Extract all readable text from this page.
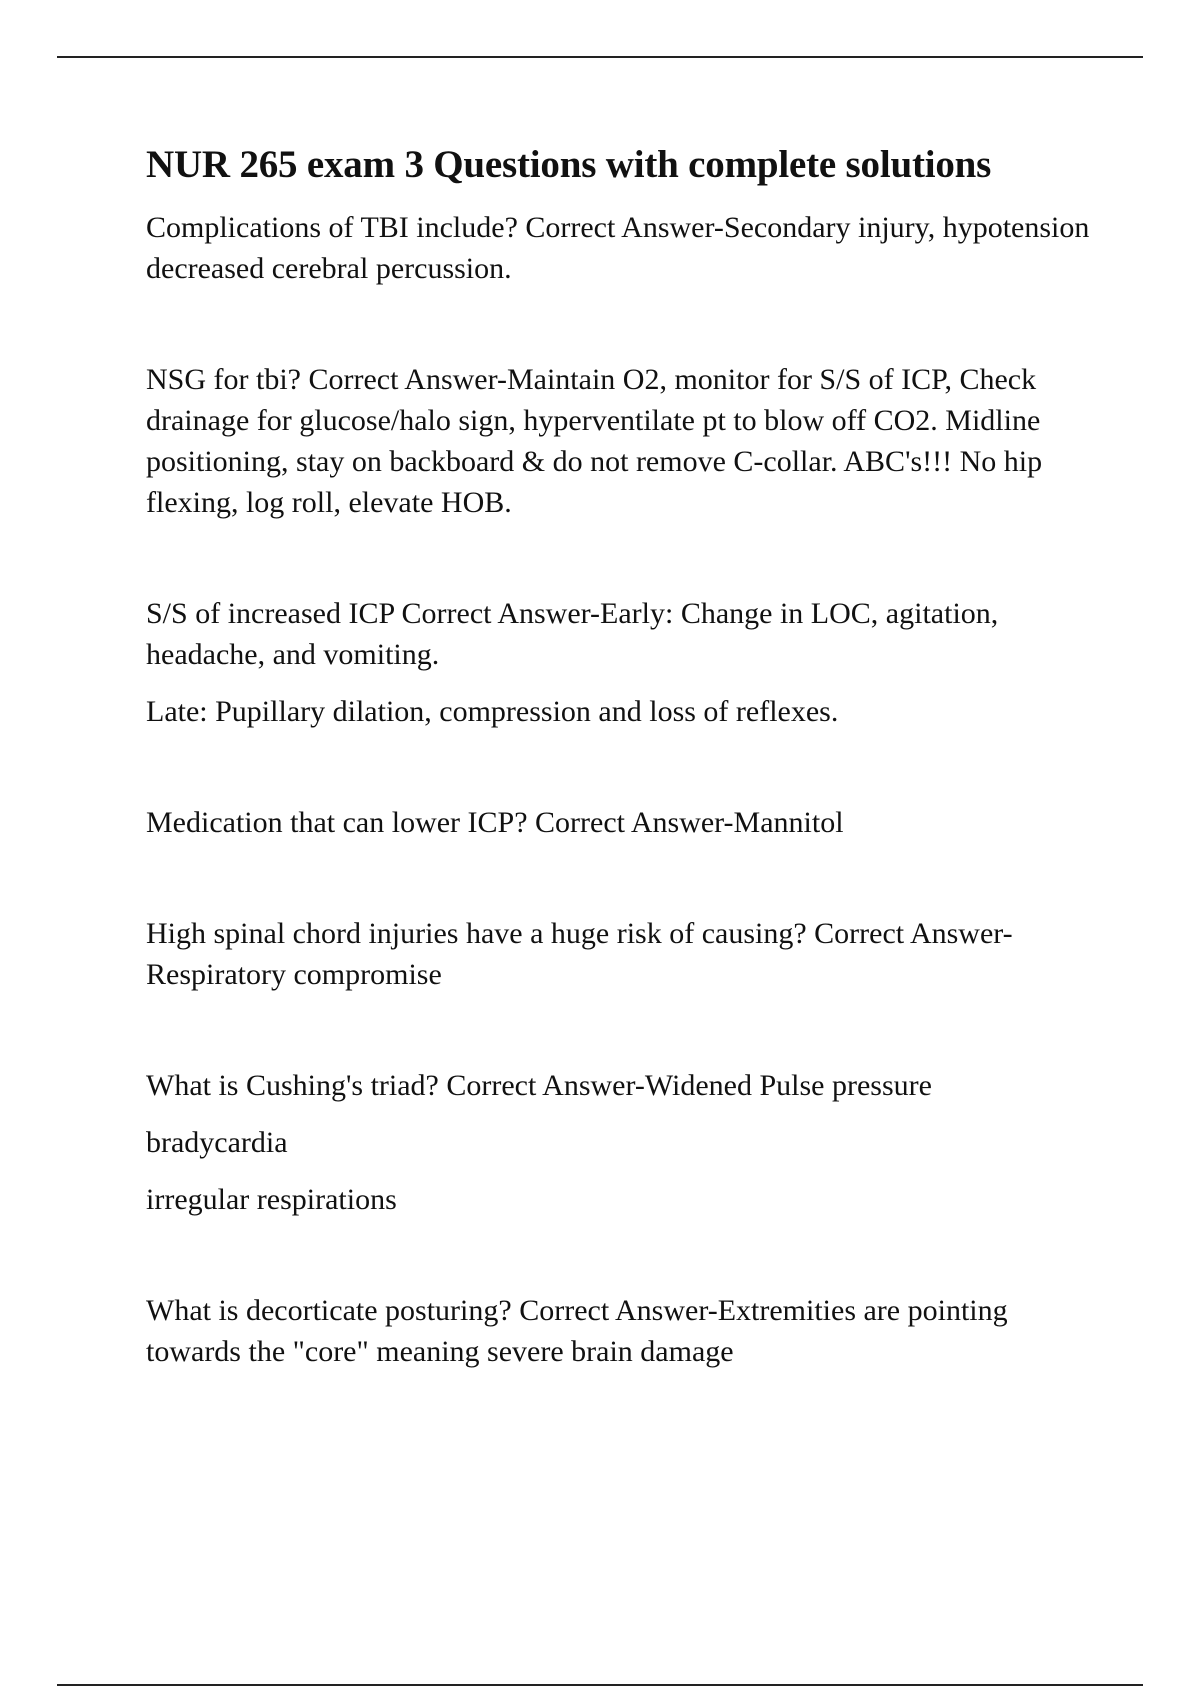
NUR 265 exam 3 Questions with complete solutions

Complications of TBI include? Correct Answer-Secondary injury, hypotension decreased cerebral percussion.

NSG for tbi? Correct Answer-Maintain O2, monitor for S/S of ICP, Check drainage for glucose/halo sign, hyperventilate pt to blow off CO2. Midline positioning, stay on backboard & do not remove C-collar. ABC's!!! No hip flexing, log roll, elevate HOB.

S/S of increased ICP Correct Answer-Early: Change in LOC, agitation, headache, and vomiting.

Late: Pupillary dilation, compression and loss of reflexes.

Medication that can lower ICP? Correct Answer-Mannitol

High spinal chord injuries have a huge risk of causing? Correct Answer-Respiratory compromise

What is Cushing's triad? Correct Answer-Widened Pulse pressure

bradycardia

irregular respirations

What is decorticate posturing? Correct Answer-Extremities are pointing towards the "core" meaning severe brain damage
